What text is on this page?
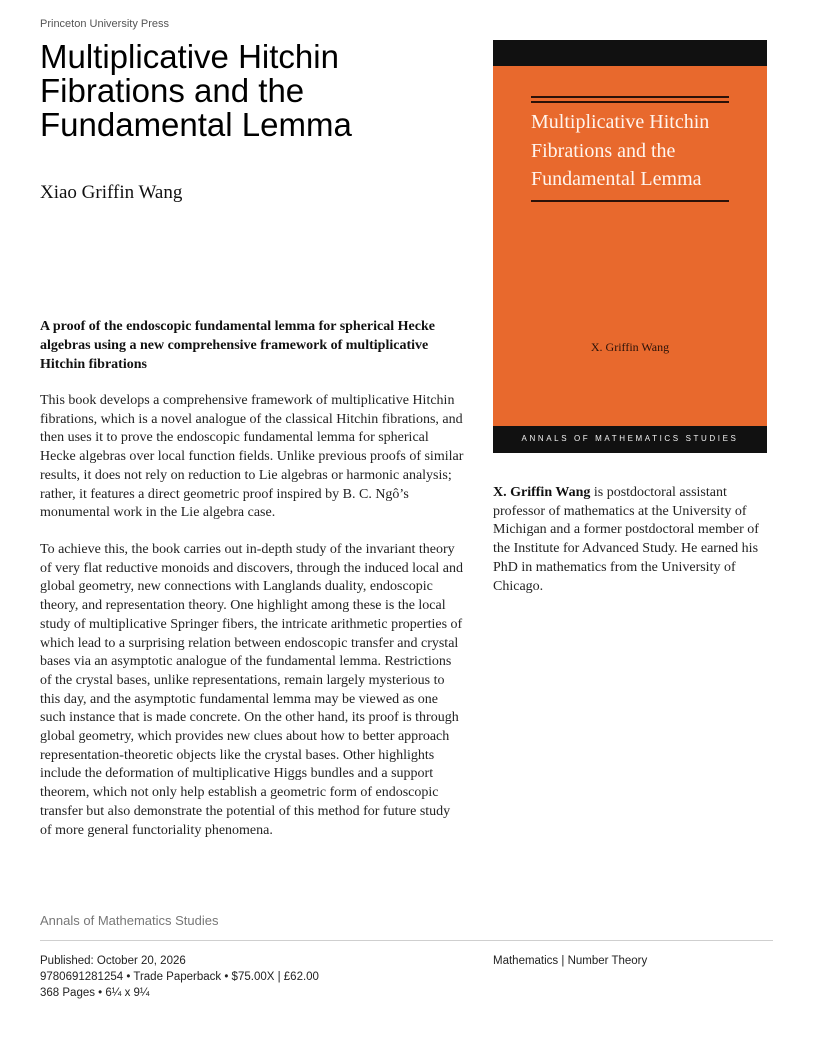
Princeton University Press
Multiplicative Hitchin Fibrations and the Fundamental Lemma
Xiao Griffin Wang

A proof of the endoscopic fundamental lemma for spherical Hecke algebras using a new comprehensive framework of multiplicative Hitchin fibrations

This book develops a comprehensive framework of multiplicative Hitchin fibrations, which is a novel analogue of the classical Hitchin fibrations, and then uses it to prove the endoscopic fundamental lemma for spherical Hecke algebras over local function fields. Unlike previous proofs of similar results, it does not rely on reduction to Lie algebras or harmonic analysis; rather, it features a direct geometric proof inspired by B. C. Ngô’s monumental work in the Lie algebra case.

To achieve this, the book carries out in-depth study of the invariant theory of very flat reductive monoids and discovers, through the induced local and global geometry, new connections with Langlands duality, endoscopic theory, and representation theory. One highlight among these is the local study of multiplicative Springer fibers, the intricate arithmetic properties of which lead to a surprising relation between endoscopic transfer and crystal bases via an asymptotic analogue of the fundamental lemma. Restrictions of the crystal bases, unlike representations, remain largely mysterious to this day, and the asymptotic fundamental lemma may be viewed as one such instance that is made concrete. On the other hand, its proof is through global geometry, which provides new clues about how to better approach representation-theoretic objects like the crystal bases. Other highlights include the deformation of multiplicative Higgs bundles and a support theorem, which not only help establish a geometric form of endoscopic transfer but also demonstrate the potential of this method for future study of more general functoriality phenomena.

Multiplicative Hitchin Fibrations and the Fundamental Lemma
X. Griffin Wang
ANNALS OF MATHEMATICS STUDIES

X. Griffin Wang is postdoctoral assistant professor of mathematics at the University of Michigan and a former postdoctoral member of the Institute for Advanced Study. He earned his PhD in mathematics from the University of Chicago.

Annals of Mathematics Studies
Published: October 20, 2026
9780691281254 • Trade Paperback • $75.00X | £62.00
368 Pages • 6¼ x 9¼
Mathematics | Number Theory
